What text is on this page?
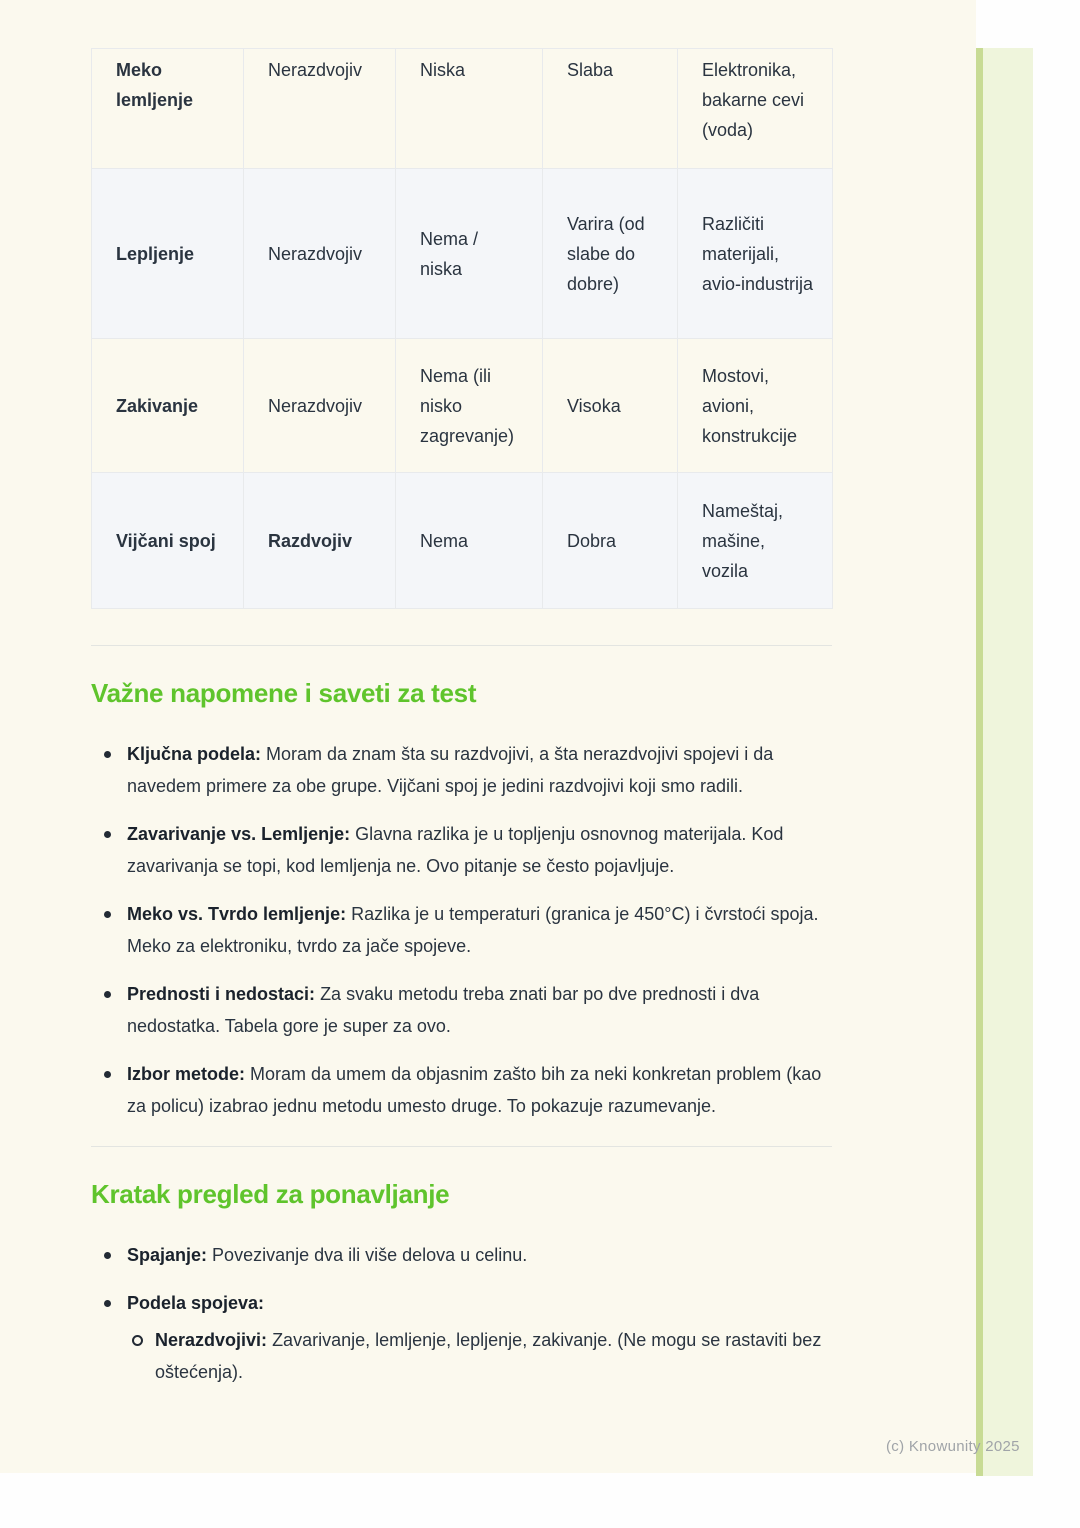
Meko lemljenje	Nerazdvojiv	Niska	Slaba	Elektronika, bakarne cevi (voda)
Lepljenje	Nerazdvojiv	Nema / niska	Varira (od slabe do dobre)	Različiti materijali, avio-industrija
Zakivanje	Nerazdvojiv	Nema (ili nisko zagrevanje)	Visoka	Mostovi, avioni, konstrukcije
Vijčani spoj	Razdvojiv	Nema	Dobra	Nameštaj, mašine, vozila
Važne napomene i saveti za test
Ključna podela: Moram da znam šta su razdvojivi, a šta nerazdvojivi spojevi i da navedem primere za obe grupe. Vijčani spoj je jedini razdvojivi koji smo radili.
Zavarivanje vs. Lemljenje: Glavna razlika je u topljenju osnovnog materijala. Kod zavarivanja se topi, kod lemljenja ne. Ovo pitanje se često pojavljuje.
Meko vs. Tvrdo lemljenje: Razlika je u temperaturi (granica je 450°C) i čvrstoći spoja. Meko za elektroniku, tvrdo za jače spojeve.
Prednosti i nedostaci: Za svaku metodu treba znati bar po dve prednosti i dva nedostatka. Tabela gore je super za ovo.
Izbor metode: Moram da umem da objasnim zašto bih za neki konkretan problem (kao za policu) izabrao jednu metodu umesto druge. To pokazuje razumevanje.
Kratak pregled za ponavljanje
Spajanje: Povezivanje dva ili više delova u celinu.
Podela spojeva:
Nerazdvojivi: Zavarivanje, lemljenje, lepljenje, zakivanje. (Ne mogu se rastaviti bez oštećenja).
(c) Knowunity 2025
